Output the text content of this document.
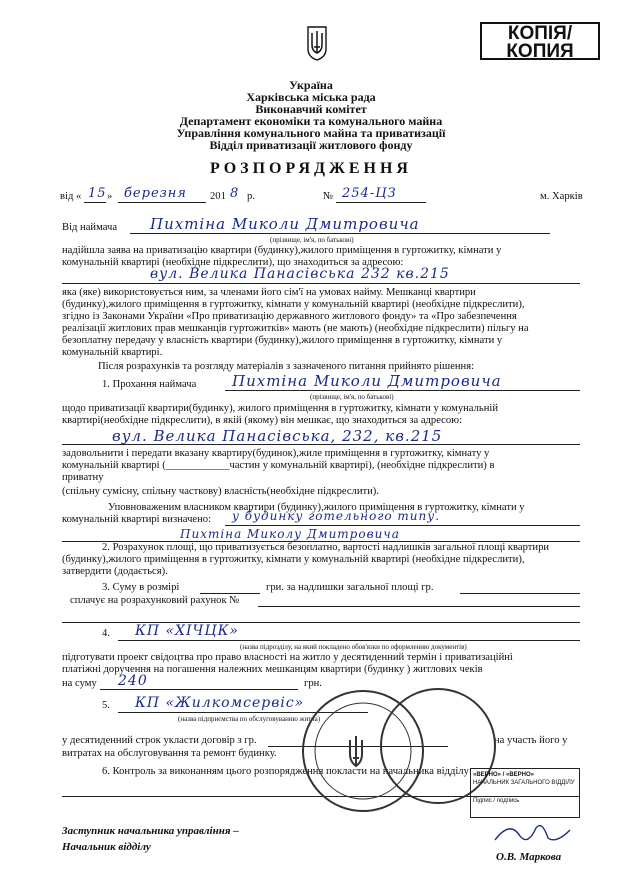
КОПІЯ/
КОПИЯ
Україна
Харківська міська рада
Виконавчий комітет
Департамент економіки та комунального майна
Управління комунального майна та приватизації
Відділ приватизації житлового фонду
РОЗПОРЯДЖЕННЯ
від « 15 » березня 201 8 р.	№ 254-ЦЗ	м. Харків
Від наймача Пихтіна Миколи Дмитровича
(прізвище, ім'я, по батькові)
надійшла заява на приватизацію квартири (будинку),жилого приміщення в гуртожитку, кімнати у
комунальній квартирі (необхідне підкреслити), що знаходиться за адресою:
вул. Велика Панасівська 232 кв.215
яка (яке) використовується ним, за членами його сім'ї на умовах найму. Мешканці квартири
(будинку),жилого приміщення в гуртожитку, кімнати у комунальній квартирі (необхідне підкреслити),
згідно із Законами України «Про приватизацію державного житлового фонду» та «Про забезпечення
реалізації житлових прав мешканців гуртожитків» мають (не мають) (необхідне підкреслити) пільгу на
безоплатну передачу у власність квартири (будинку),жилого приміщення в гуртожитку, кімнати у
комунальній квартирі.
Після розрахунків та розгляду матеріалів з зазначеного питання прийнято рішення:
1. Прохання наймача Пихтіна Миколи Дмитровича
(прізвище, ім'я, по батькові)
щодо приватизації квартири(будинку), жилого приміщення в гуртожитку, кімнати у комунальній
квартирі(необхідне підкреслити), в якій (якому) він мешкає, що знаходиться за адресою:
вул. Велика Панасівська, 232, кв.215
задовольнити і передати вказану квартиру(будинок),жиле приміщення в гуртожитку, кімнату у
комунальній квартирі (____________частин у комунальній квартирі), (необхідне підкреслити) в
приватну
(спільну сумісну, спільну часткову) власність(необхідне підкреслити).
Уповноваженим власником квартири (будинку),жилого приміщення в гуртожитку, кімнати у
комунальній квартирі визначено: у будинку готельного типу.
Пихтіна Миколу Дмитровича
2. Розрахунок площі, що приватизується безоплатно, вартості надлишків загальної площі квартири
(будинку),жилого приміщення в гуртожитку, кімнати у комунальній квартирі (необхідне підкреслити),
затвердити (додається).
3. Суму в розмірі	гри. за надлишки загальної площі гр.
сплачує на розрахунковий рахунок №
4. КП «ХІЧЦК»
(назва підрозділу, на який покладено обов'язки по оформленню документів)
підготувати проект свідоцтва про право власності на житло у десятиденний термін і приватизаційні
платіжні доручення на погашення належних мешканцям квартири (будинку ) житлових чеків
на суму 240	грн.
5. КП «Жилкомсервіс»
(назва підприємства по обслуговуванню житла)
у десятиденний строк укласти договір з гр.	на участь його у
витратах на обслуговування та ремонт будинку.
6. Контроль за виконанням цього розпорядження покласти на начальника відділу «ВЕРНО» / «ВЕРНО»
НАЧАЛЬНИК ЗАГАЛЬНОГО ВІДДІЛУ
Підпис / подпись
Заступник начальника управління –
Начальник відділу
О.В. Маркова
